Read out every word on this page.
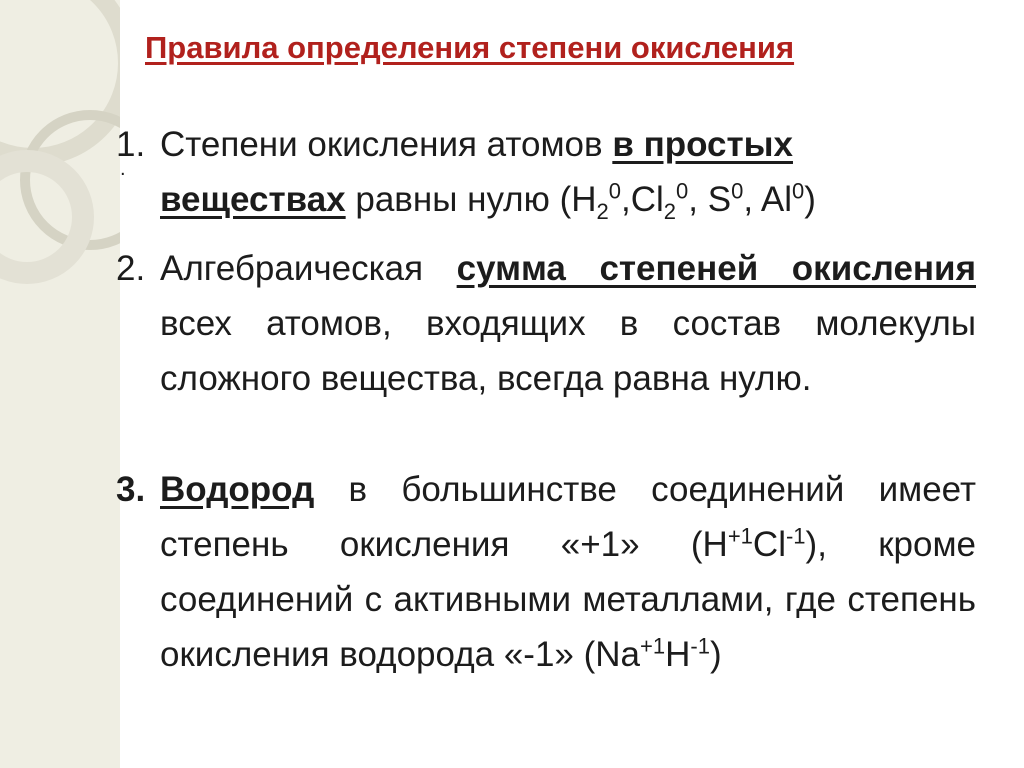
Правила определения степени окисления
.
1. Степени окисления атомов в простых веществах равны нулю ($H_2^0,Cl_2^0$, $S^0$, Al$^0$)
2. Алгебраическая сумма степеней окисления всех атомов, входящих в состав молекулы сложного вещества, всегда равна нулю.
3. Водород в большинстве соединений имеет степень окисления «+1» $(H^{+1}Cl^{-1})$, кроме соединений с активными металлами, где степень окисления водорода «-1» $(Na^{+1}H^{-1})$
